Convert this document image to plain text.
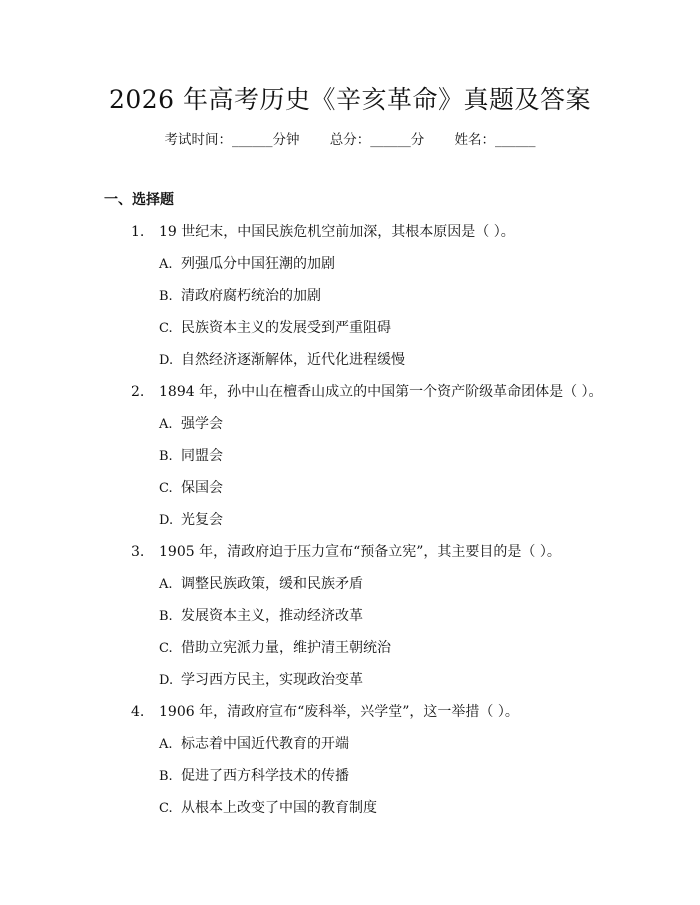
2026 年高考历史《辛亥革命》真题及答案
考试时间：______分钟 总分：______分 姓名：______
一、选择题
1. 19 世纪末，中国民族危机空前加深，其根本原因是（ ）。
A. 列强瓜分中国狂潮的加剧
B. 清政府腐朽统治的加剧
C. 民族资本主义的发展受到严重阻碍
D. 自然经济逐渐解体，近代化进程缓慢
2. 1894 年，孙中山在檀香山成立的中国第一个资产阶级革命团体是（ ）。
A. 强学会
B. 同盟会
C. 保国会
D. 光复会
3. 1905 年，清政府迫于压力宣布“预备立宪”，其主要目的是（ ）。
A. 调整民族政策，缓和民族矛盾
B. 发展资本主义，推动经济改革
C. 借助立宪派力量，维护清王朝统治
D. 学习西方民主，实现政治变革
4. 1906 年，清政府宣布“废科举，兴学堂”，这一举措（ ）。
A. 标志着中国近代教育的开端
B. 促进了西方科学技术的传播
C. 从根本上改变了中国的教育制度
